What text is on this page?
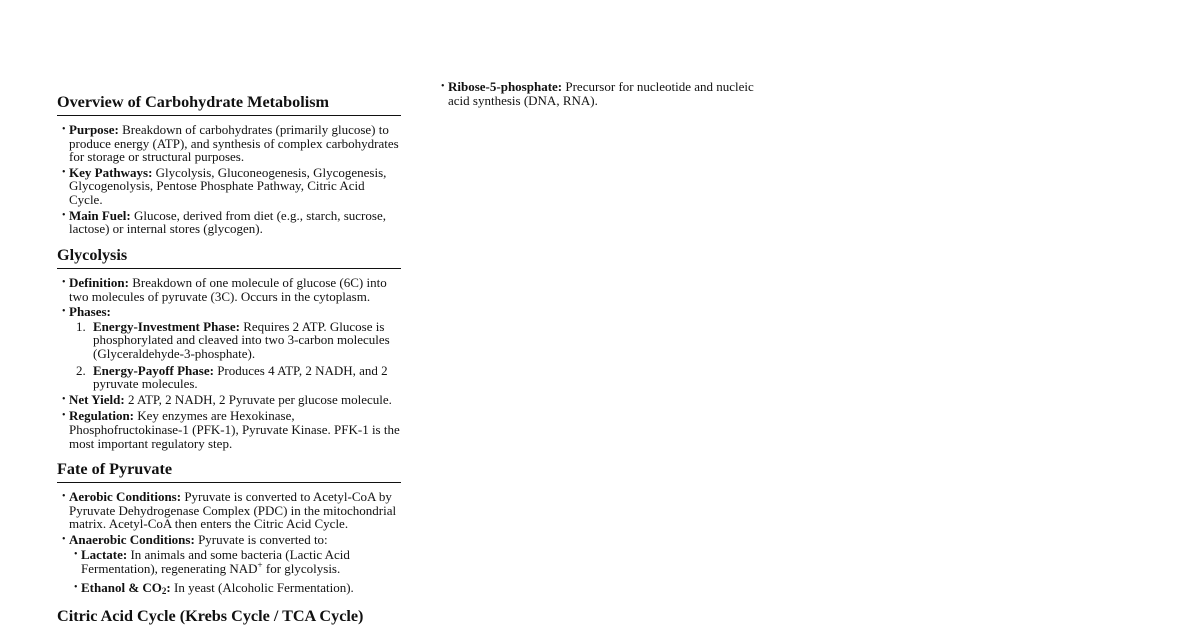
Overview of Carbohydrate Metabolism
• Purpose: Breakdown of carbohydrates (primarily glucose) to produce energy (ATP), and synthesis of complex carbohydrates for storage or structural purposes.
• Key Pathways: Glycolysis, Gluconeogenesis, Glycogenesis, Glycogenolysis, Pentose Phosphate Pathway, Citric Acid Cycle.
• Main Fuel: Glucose, derived from diet (e.g., starch, sucrose, lactose) or internal stores (glycogen).
Glycolysis
• Definition: Breakdown of one molecule of glucose (6C) into two molecules of pyruvate (3C). Occurs in the cytoplasm.
• Phases:
1. Energy-Investment Phase: Requires 2 ATP. Glucose is phosphorylated and cleaved into two 3-carbon molecules (Glyceraldehyde-3-phosphate).
2. Energy-Payoff Phase: Produces 4 ATP, 2 NADH, and 2 pyruvate molecules.
• Net Yield: 2 ATP, 2 NADH, 2 Pyruvate per glucose molecule.
• Regulation: Key enzymes are Hexokinase, Phosphofructokinase-1 (PFK-1), Pyruvate Kinase. PFK-1 is the most important regulatory step.
Fate of Pyruvate
• Aerobic Conditions: Pyruvate is converted to Acetyl-CoA by Pyruvate Dehydrogenase Complex (PDC) in the mitochondrial matrix. Acetyl-CoA then enters the Citric Acid Cycle.
• Anaerobic Conditions: Pyruvate is converted to:
• Lactate: In animals and some bacteria (Lactic Acid Fermentation), regenerating NAD+ for glycolysis.
• Ethanol & $CO_2$: In yeast (Alcoholic Fermentation).
Citric Acid Cycle (Krebs Cycle / TCA Cycle)
• Ribose-5-phosphate: Precursor for nucleotide and nucleic acid synthesis (DNA, RNA).
